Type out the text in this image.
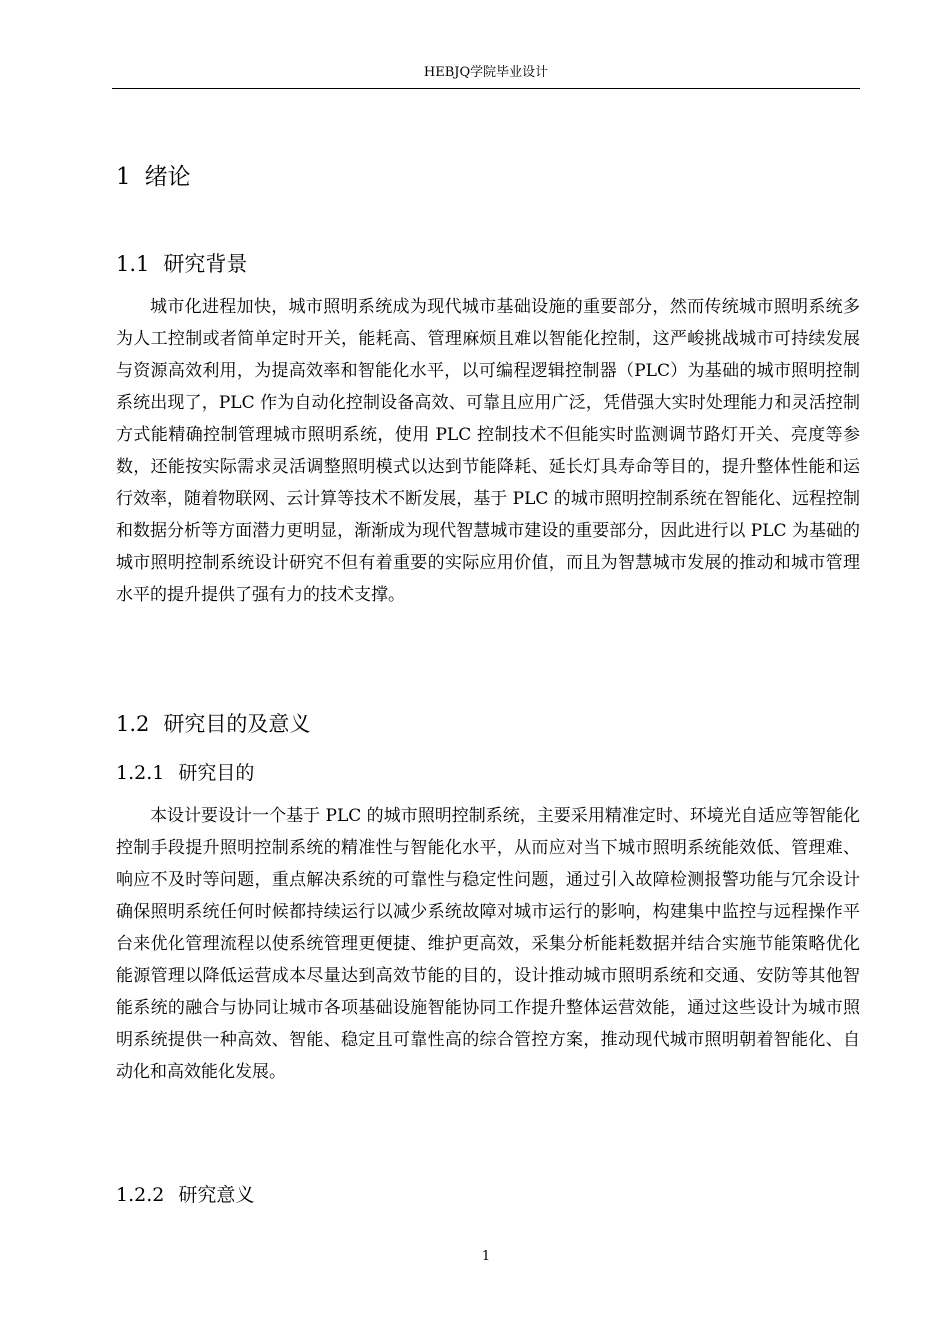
HEBJQ学院毕业设计
1 绪论
1.1 研究背景

城市化进程加快，城市照明系统成为现代城市基础设施的重要部分，然而传统城市照明系统多为人工控制或者简单定时开关，能耗高、管理麻烦且难以智能化控制，这严峻挑战城市可持续发展与资源高效利用，为提高效率和智能化水平，以可编程逻辑控制器（PLC）为基础的城市照明控制系统出现了，PLC 作为自动化控制设备高效、可靠且应用广泛，凭借强大实时处理能力和灵活控制方式能精确控制管理城市照明系统，使用 PLC 控制技术不但能实时监测调节路灯开关、亮度等参数，还能按实际需求灵活调整照明模式以达到节能降耗、延长灯具寿命等目的，提升整体性能和运行效率，随着物联网、云计算等技术不断发展，基于 PLC 的城市照明控制系统在智能化、远程控制和数据分析等方面潜力更明显，渐渐成为现代智慧城市建设的重要部分，因此进行以 PLC 为基础的城市照明控制系统设计研究不但有着重要的实际应用价值，而且为智慧城市发展的推动和城市管理水平的提升提供了强有力的技术支撑。

1.2 研究目的及意义
1.2.1 研究目的

本设计要设计一个基于 PLC 的城市照明控制系统，主要采用精准定时、环境光自适应等智能化控制手段提升照明控制系统的精准性与智能化水平，从而应对当下城市照明系统能效低、管理难、响应不及时等问题，重点解决系统的可靠性与稳定性问题，通过引入故障检测报警功能与冗余设计确保照明系统任何时候都持续运行以减少系统故障对城市运行的影响，构建集中监控与远程操作平台来优化管理流程以使系统管理更便捷、维护更高效，采集分析能耗数据并结合实施节能策略优化能源管理以降低运营成本尽量达到高效节能的目的，设计推动城市照明系统和交通、安防等其他智能系统的融合与协同让城市各项基础设施智能协同工作提升整体运营效能，通过这些设计为城市照明系统提供一种高效、智能、稳定且可靠性高的综合管控方案，推动现代城市照明朝着智能化、自动化和高效能化发展。

1.2.2 研究意义
1
